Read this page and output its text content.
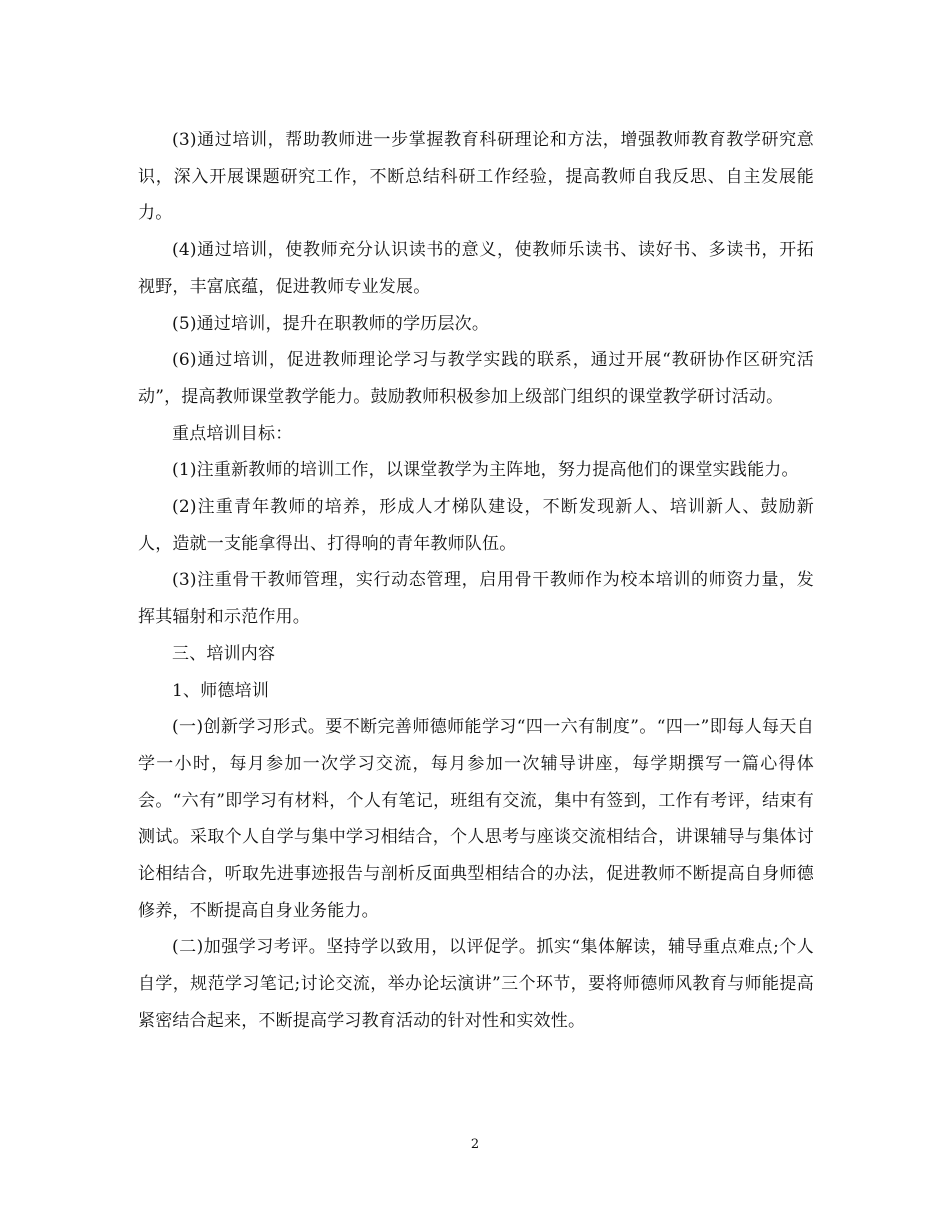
(3)通过培训，帮助教师进一步掌握教育科研理论和方法，增强教师教育教学研究意识，深入开展课题研究工作，不断总结科研工作经验，提高教师自我反思、自主发展能力。

(4)通过培训，使教师充分认识读书的意义，使教师乐读书、读好书、多读书，开拓视野，丰富底蕴，促进教师专业发展。

(5)通过培训，提升在职教师的学历层次。

(6)通过培训，促进教师理论学习与教学实践的联系，通过开展“教研协作区研究活动”，提高教师课堂教学能力。鼓励教师积极参加上级部门组织的课堂教学研讨活动。

重点培训目标：

(1)注重新教师的培训工作，以课堂教学为主阵地，努力提高他们的课堂实践能力。

(2)注重青年教师的培养，形成人才梯队建设，不断发现新人、培训新人、鼓励新人，造就一支能拿得出、打得响的青年教师队伍。

(3)注重骨干教师管理，实行动态管理，启用骨干教师作为校本培训的师资力量，发挥其辐射和示范作用。

三、培训内容

1、师德培训

(一)创新学习形式。要不断完善师德师能学习“四一六有制度”。“四一”即每人每天自学一小时，每月参加一次学习交流，每月参加一次辅导讲座，每学期撰写一篇心得体会。“六有”即学习有材料，个人有笔记，班组有交流，集中有签到，工作有考评，结束有测试。采取个人自学与集中学习相结合，个人思考与座谈交流相结合，讲课辅导与集体讨论相结合，听取先进事迹报告与剖析反面典型相结合的办法，促进教师不断提高自身师德修养，不断提高自身业务能力。

(二)加强学习考评。坚持学以致用，以评促学。抓实“集体解读，辅导重点难点;个人自学，规范学习笔记;讨论交流，举办论坛演讲”三个环节，要将师德师风教育与师能提高紧密结合起来，不断提高学习教育活动的针对性和实效性。

2
